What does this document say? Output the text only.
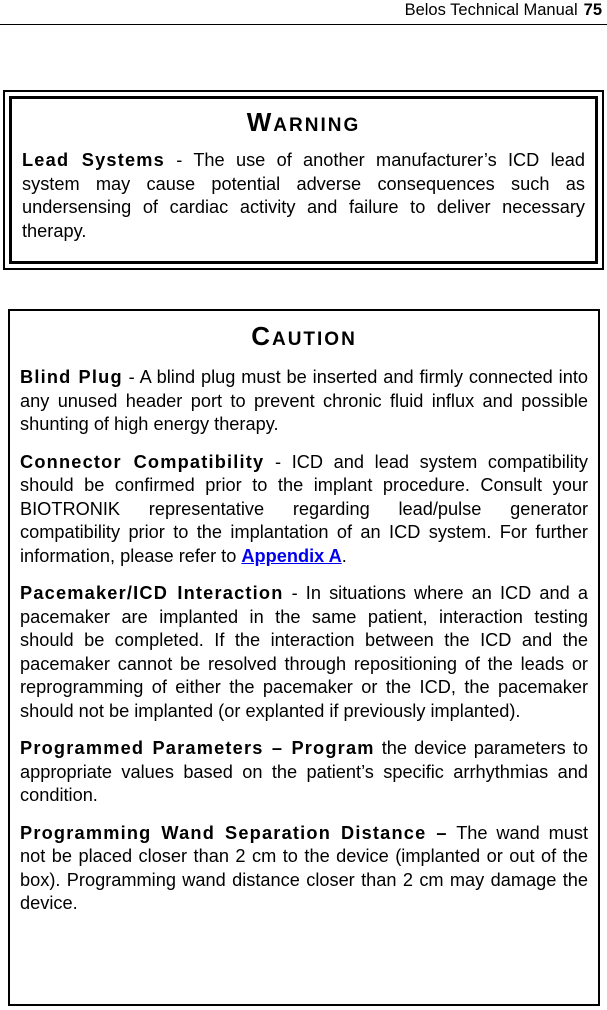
Belos Technical Manual 75
WARNING

Lead Systems - The use of another manufacturer’s ICD lead system may cause potential adverse consequences such as undersensing of cardiac activity and failure to deliver necessary therapy.

CAUTION

Blind Plug - A blind plug must be inserted and firmly connected into any unused header port to prevent chronic fluid influx and possible shunting of high energy therapy.

Connector Compatibility - ICD and lead system compatibility should be confirmed prior to the implant procedure. Consult your BIOTRONIK representative regarding lead/pulse generator compatibility prior to the implantation of an ICD system. For further information, please refer to Appendix A.

Pacemaker/ICD Interaction - In situations where an ICD and a pacemaker are implanted in the same patient, interaction testing should be completed. If the interaction between the ICD and the pacemaker cannot be resolved through repositioning of the leads or reprogramming of either the pacemaker or the ICD, the pacemaker should not be implanted (or explanted if previously implanted).

Programmed Parameters – Program the device parameters to appropriate values based on the patient’s specific arrhythmias and condition.

Programming Wand Separation Distance – The wand must not be placed closer than 2 cm to the device (implanted or out of the box). Programming wand distance closer than 2 cm may damage the device.
